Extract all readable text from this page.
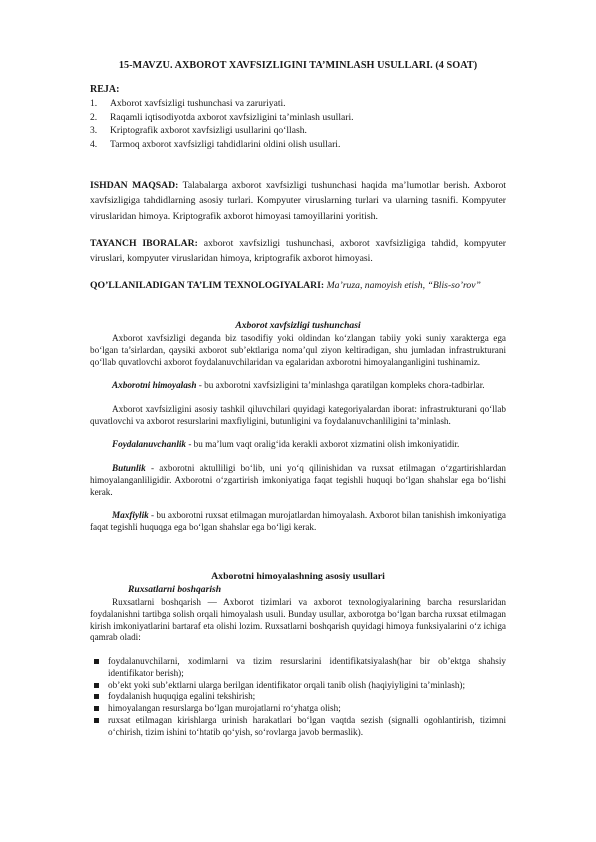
15-MAVZU. AXBOROT XAVFSIZLIGINI TA’MINLASH USULLARI. (4 SOAT)
REJA:
1. Axborot xavfsizligi tushunchasi va zaruriyati.
2. Raqamli iqtisodiyotda axborot xavfsizligini ta’minlash usullari.
3. Kriptografik axborot xavfsizligi usullarini qo‘llash.
4. Tarmoq axborot xavfsizligi tahdidlarini oldini olish usullari.
ISHDAN MAQSAD: Talabalarga axborot xavfsizligi tushunchasi haqida ma’lumotlar berish. Axborot xavfsizligiga tahdidlarning asosiy turlari. Kompyuter viruslarning turlari va ularning tasnifi. Kompyuter viruslaridan himoya. Kriptografik axborot himoyasi tamoyillarini yoritish.
TAYANCH IBORALAR: axborot xavfsizligi tushunchasi, axborot xavfsizligiga tahdid, kompyuter viruslari, kompyuter viruslaridan himoya, kriptografik axborot himoyasi.
QO’LLANILADIGAN TA’LIM TEXNOLOGIYALARI: Ma’ruza, namoyish etish, “Blis-so’rov”
Axborot xavfsizligi tushunchasi
Axborot xavfsizligi deganda biz tasodifiy yoki oldindan ko‘zlangan tabiiy yoki suniy xarakterga ega bo‘lgan ta’sirlardan, qaysiki axborot sub’ektlariga noma’qul ziyon keltiradigan, shu jumladan infrastrukturani qo‘llab quvatlovchi axborot foydalanuvchilaridan va egalaridan axborotni himoyalanganligini tushinamiz.
Axborotni himoyalash - bu axborotni xavfsizligini ta’minlashga qaratilgan kompleks chora-tadbirlar.
Axborot xavfsizligini asosiy tashkil qiluvchilari quyidagi kategoriyalardan iborat: infrastrukturani qo‘llab quvatlovchi va axborot resurslarini maxfiyligini, butunligini va foydalanuvchanliligini ta’minlash.
Foydalanuvchanlik - bu ma’lum vaqt oralig‘ida kerakli axborot xizmatini olish imkoniyatidir.
Butunlik - axborotni aktulliligi bo‘lib, uni yo‘q qilinishidan va ruxsat etilmagan o‘zgartirishlardan himoyalanganliligidir. Axborotni o‘zgartirish imkoniyatiga faqat tegishli huquqi bo‘lgan shahslar ega bo‘lishi kerak.
Maxfiylik - bu axborotni ruxsat etilmagan murojatlardan himoyalash. Axborot bilan tanishish imkoniyatiga faqat tegishli huquqga ega bo‘lgan shahslar ega bo‘ligi kerak.
Axborotni himoyalashning asosiy usullari
Ruxsatlarni boshqarish
Ruxsatlarni boshqarish — Axborot tizimlari va axborot texnologiyalarining barcha resurslaridan foydalanishni tartibga solish orqali himoyalash usuli. Bunday usullar, axborotga bo‘lgan barcha ruxsat etilmagan kirish imkoniyatlarini bartaraf eta olishi lozim. Ruxsatlarni boshqarish quyidagi himoya funksiyalarini o‘z ichiga qamrab oladi:
foydalanuvchilarni, xodimlarni va tizim resurslarini identifikatsiyalash(har bir ob’ektga shahsiy identifikator berish);
ob’ekt yoki sub’ektlarni ularga berilgan identifikator orqali tanib olish (haqiyiyligini ta’minlash);
foydalanish huquqiga egalini tekshirish;
himoyalangan resurslarga bo‘lgan murojatlarni ro‘yhatga olish;
ruxsat etilmagan kirishlarga urinish harakatlari bo‘lgan vaqtda sezish (signalli ogohlantirish, tizimni o‘chirish, tizim ishini to‘htatib qo‘yish, so‘rovlarga javob bermaslik).
